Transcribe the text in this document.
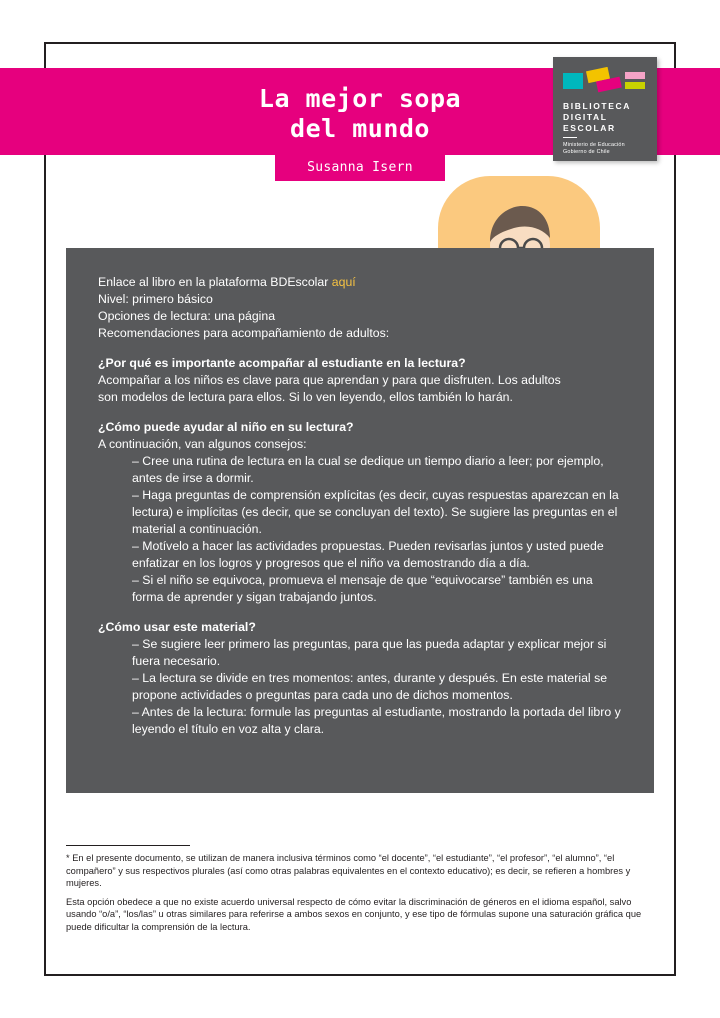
La mejor sopa
del mundo
Susanna Isern
BIBLIOTECA
DIGITAL
ESCOLAR
Ministerio de Educación
Gobierno de Chile

Enlace al libro en la plataforma BDEscolar aquí

Nivel: primero básico

Opciones de lectura: una página

Recomendaciones para acompañamiento de adultos:

¿Por qué es importante acompañar al estudiante en la lectura?

Acompañar a los niños es clave para que aprendan y para que disfruten. Los adultos son modelos de lectura para ellos. Si lo ven leyendo, ellos también lo harán.

¿Cómo puede ayudar al niño en su lectura?

A continuación, van algunos consejos:

– Cree una rutina de lectura en la cual se dedique un tiempo diario a leer; por ejemplo, antes de irse a dormir.

– Haga preguntas de comprensión explícitas (es decir, cuyas respuestas aparezcan en la lectura) e implícitas (es decir, que se concluyan del texto). Se sugiere las preguntas en el material a continuación.

– Motívelo a hacer las actividades propuestas. Pueden revisarlas juntos y usted puede enfatizar en los logros y progresos que el niño va demostrando día a día.

– Si el niño se equivoca, promueva el mensaje de que “equivocarse” también es una forma de aprender y sigan trabajando juntos.

¿Cómo usar este material?

– Se sugiere leer primero las preguntas, para que las pueda adaptar y explicar mejor si fuera necesario.

– La lectura se divide en tres momentos: antes, durante y después. En este material se propone actividades o preguntas para cada uno de dichos momentos.

– Antes de la lectura: formule las preguntas al estudiante, mostrando la portada del libro y leyendo el título en voz alta y clara.

* En el presente documento, se utilizan de manera inclusiva términos como “el docente”, “el estudiante”, “el profesor”, “el alumno”, “el compañero” y sus respectivos plurales (así como otras palabras equivalentes en el contexto educativo); es decir, se refieren a hombres y mujeres.

Esta opción obedece a que no existe acuerdo universal respecto de cómo evitar la discriminación de géneros en el idioma español, salvo usando “o/a”, “los/las” u otras similares para referirse a ambos sexos en conjunto, y ese tipo de fórmulas supone una saturación gráfica que puede dificultar la comprensión de la lectura.
